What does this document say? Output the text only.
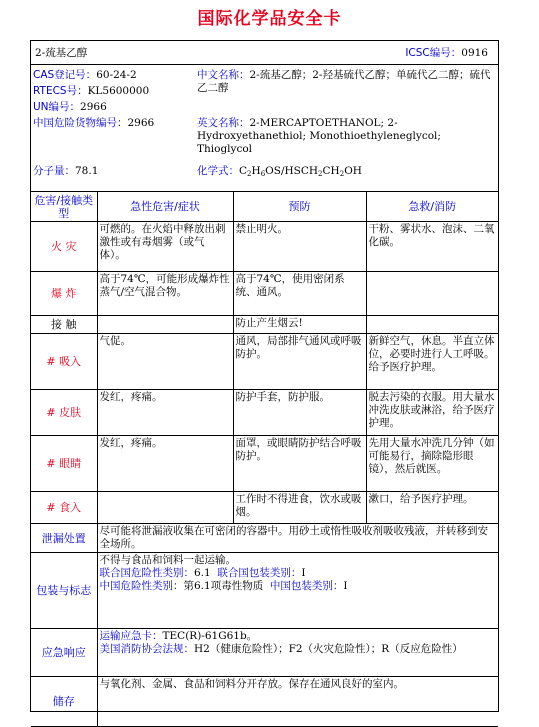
国际化学品安全卡
2-巯基乙醇	ICSC编号：0916
CAS登记号：60-24-2
RTECS号：KL5600000
UN编号：2966
中国危险货物编号：2966
中文名称：2-巯基乙醇；2-羟基硫代乙醇；单硫代乙二醇；硫代乙二醇
英文名称：2-MERCAPTOETHANOL; 2-Hydroxyethanethiol; Monothioethyleneglycol; Thioglycol
分子量：78.1	化学式：$C_2H_6OS/HSCH_2CH_2OH$
危害/接触类型	急性危害/症状	预防	急救/消防
火 灾	可燃的。在火焰中释放出刺激性或有毒烟雾（或气体）。	禁止明火。	干粉、雾状水、泡沫、二氧化碳。
爆 炸	高于74℃，可能形成爆炸性蒸气/空气混合物。	高于74℃，使用密闭系统、通风。	
接 触		防止产生烟云!	
# 吸入	气促。	通风，局部排气通风或呼吸防护。	新鲜空气，休息。半直立体位，必要时进行人工呼吸。给予医疗护理。
# 皮肤	发红，疼痛。	防护手套，防护服。	脱去污染的衣服。用大量水冲洗皮肤或淋浴，给予医疗护理。
# 眼睛	发红，疼痛。	面罩，或眼睛防护结合呼吸防护。	先用大量水冲洗几分钟（如可能易行，摘除隐形眼镜），然后就医。
# 食入		工作时不得进食，饮水或吸烟。	漱口，给予医疗护理。
泄漏处置	尽可能将泄漏液收集在可密闭的容器中。用砂土或惰性吸收剂吸收残液，并转移到安全场所。		
包装与标志	不得与食品和饲料一起运输。
联合国危险性类别：6.1 联合国包装类别：I
中国危险性类别：第6.1项毒性物质 中国包装类别：I		

应急响应	运输应急卡：TEC(R)-61G61b。
美国消防协会法规：H2（健康危险性）；F2（火灾危险性）；R（反应危险性）		

储存	与氧化剂、金属、食品和饲料分开存放。保存在通风良好的室内。		
